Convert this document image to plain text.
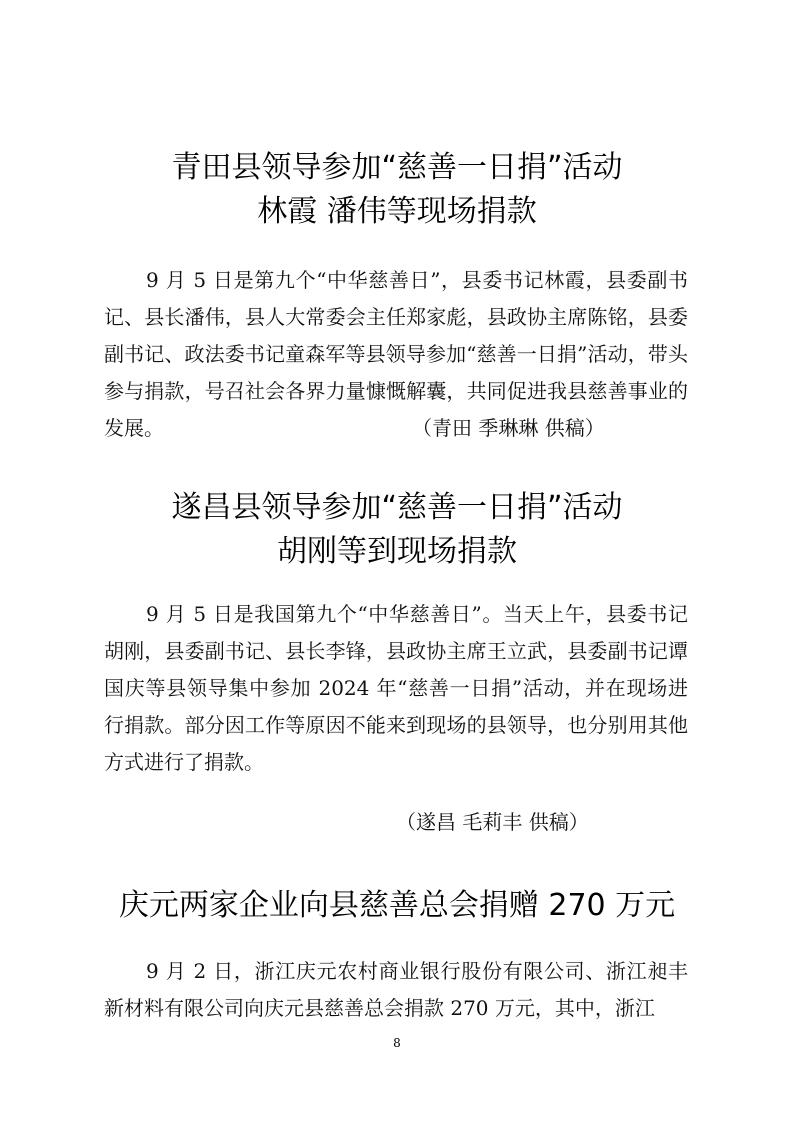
青田县领导参加“慈善一日捐”活动
林霞 潘伟等现场捐款

9 月 5 日是第九个“中华慈善日”，县委书记林霞，县委副书记、县长潘伟，县人大常委会主任郑家彪，县政协主席陈铭，县委副书记、政法委书记童森军等县领导参加“慈善一日捐”活动，带头参与捐款，号召社会各界力量慷慨解囊，共同促进我县慈善事业的发展。	（青田 季琳琳 供稿）
遂昌县领导参加“慈善一日捐”活动
胡刚等到现场捐款

9 月 5 日是我国第九个“中华慈善日”。当天上午，县委书记胡刚，县委副书记、县长李锋，县政协主席王立武，县委副书记谭国庆等县领导集中参加 2024 年“慈善一日捐”活动，并在现场进行捐款。部分因工作等原因不能来到现场的县领导，也分别用其他方式进行了捐款。

（遂昌 毛莉丰 供稿）
庆元两家企业向县慈善总会捐赠 270 万元

9 月 2 日，浙江庆元农村商业银行股份有限公司、浙江昶丰新材料有限公司向庆元县慈善总会捐款 270 万元，其中，浙江

8
